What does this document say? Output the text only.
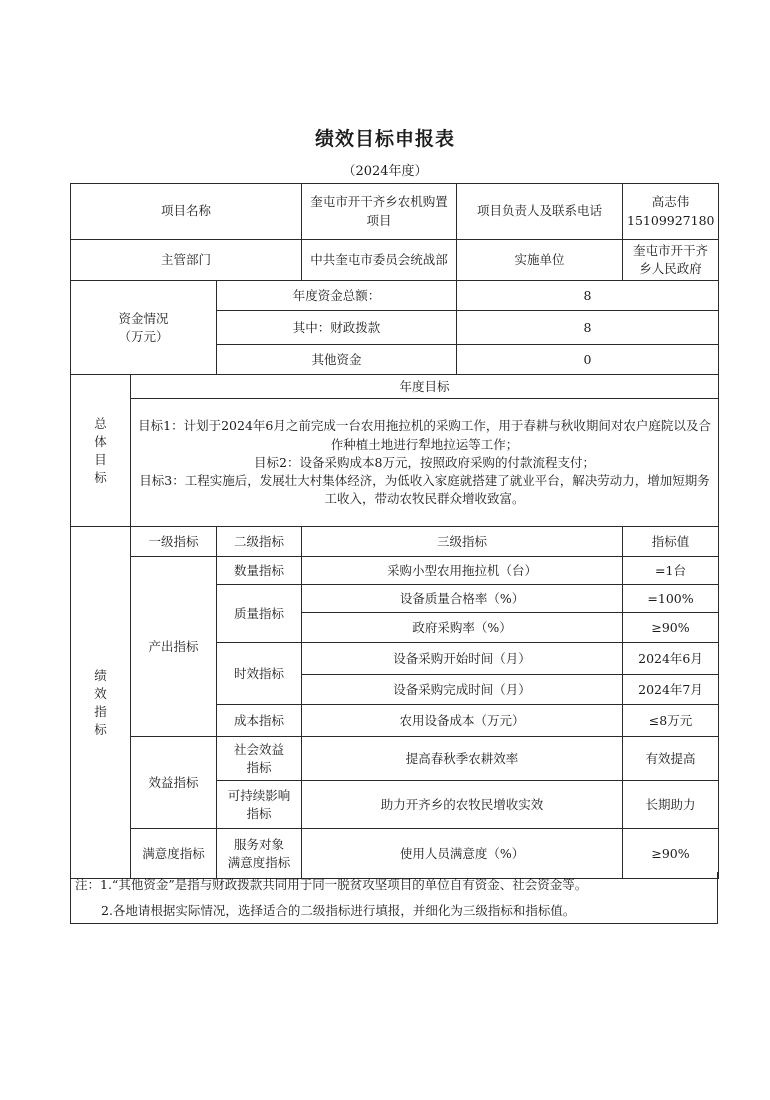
绩效目标申报表
（2024年度）
项目名称			奎屯市开干齐乡农机购置项目	项目负责人及联系电话	高志伟
15109927180

主管部门			中共奎屯市委员会统战部	实施单位	奎屯市开干齐乡人民政府

资金情况
（万元）		年度资金总额：		8	
		其中：财政拨款		8	
		其他资金		0	

总
体
目
标	年度目标				

	目标1：计划于2024年6月之前完成一台农用拖拉机的采购工作，用于春耕与秋收期间对农户庭院以及合作种植土地进行犁地拉运等工作；
目标2：设备采购成本8万元，按照政府采购的付款流程支付；
目标3：工程实施后，发展壮大村集体经济，为低收入家庭就搭建了就业平台，解决劳动力，增加短期务工收入，带动农牧民群众增收致富。				

绩
效
指
标	一级指标	二级指标	三级指标		指标值
	产出指标	数量指标	采购小型农用拖拉机（台）		=1台
		质量指标	设备质量合格率（%）		=100%
			政府采购率（%）		≥90%
		时效指标	设备采购开始时间（月）		2024年6月
			设备采购完成时间（月）		2024年7月
		成本指标	农用设备成本（万元）		≤8万元
	效益指标	社会效益
指标	提高春秋季农耕效率		有效提高

		可持续影响
指标	助力开齐乡的农牧民增收实效		长期助力
	满意度指标	服务对象
满意度指标	使用人员满意度（%）		≥90%
注：1.“其他资金”是指与财政拨款共同用于同一脱贫攻坚项目的单位自有资金、社会资金等。
2.各地请根据实际情况，选择适合的二级指标进行填报，并细化为三级指标和指标值。
